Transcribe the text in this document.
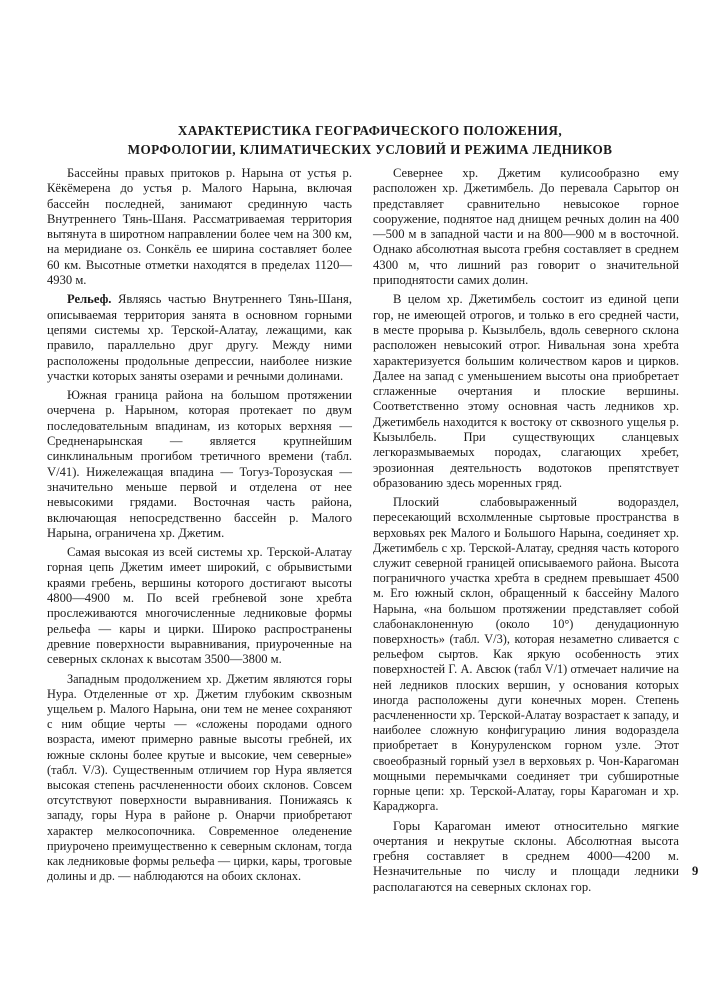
ХАРАКТЕРИСТИКА ГЕОГРАФИЧЕСКОГО ПОЛОЖЕНИЯ,
МОРФОЛОГИИ, КЛИМАТИЧЕСКИХ УСЛОВИЙ И РЕЖИМА ЛЕДНИКОВ

Бассейны правых притоков р. Нарына от устья р. Кёкёмерена до устья р. Малого Нарына, включая бассейн последней, занимают срединную часть Внутреннего Тянь-Шаня. Рассматриваемая территория вытянута в широтном направлении более чем на 300 км, на меридиане оз. Сонкёль ее ширина составляет более 60 км. Высотные отметки находятся в пределах 1120—4930 м.

Рельеф. Являясь частью Внутреннего Тянь-Шаня, описываемая территория занята в основном горными цепями системы хр. Терской-Алатау, лежащими, как правило, параллельно друг другу. Между ними расположены продольные депрессии, наиболее низкие участки которых заняты озерами и речными долинами.

Южная граница района на большом протяжении очерчена р. Нарыном, которая протекает по двум последовательным впадинам, из которых верхняя — Средненарынская — является крупнейшим синклинальным прогибом третичного времени (табл. V/41). Нижележащая впадина — Тогуз-Торозуская — значительно меньше первой и отделена от нее невысокими грядами. Восточная часть района, включающая непосредственно бассейн р. Малого Нарына, ограничена хр. Джетим.

Самая высокая из всей системы хр. Терской-Алатау горная цепь Джетим имеет широкий, с обрывистыми краями гребень, вершины которого достигают высоты 4800—4900 м. По всей гребневой зоне хребта прослеживаются многочисленные ледниковые формы рельефа — кары и цирки. Широко распространены древние поверхности выравнивания, приуроченные на северных склонах к высотам 3500—3800 м.

Западным продолжением хр. Джетим являются горы Нура. Отделенные от хр. Джетим глубоким сквозным ущельем р. Малого Нарына, они тем не менее сохраняют с ним общие черты — «сложены породами одного возраста, имеют примерно равные высоты гребней, их южные склоны более крутые и высокие, чем северные» (табл. V/3). Существенным отличием гор Нура является высокая степень расчлененности обоих склонов. Совсем отсутствуют поверхности выравнивания. Понижаясь к западу, горы Нура в районе р. Онарчи приобретают характер мелкосопочника. Современное оледенение приурочено преимущественно к северным склонам, тогда как ледниковые формы рельефа — цирки, кары, троговые долины и др. — наблюдаются на обоих склонах.

Севернее хр. Джетим кулисообразно ему расположен хр. Джетимбель. До перевала Сарытор он представляет сравнительно невысокое горное сооружение, поднятое над днищем речных долин на 400—500 м в западной части и на 800—900 м в восточной. Однако абсолютная высота гребня составляет в среднем 4300 м, что лишний раз говорит о значительной приподнятости самих долин.

В целом хр. Джетимбель состоит из единой цепи гор, не имеющей отрогов, и только в его средней части, в месте прорыва р. Кызылбель, вдоль северного склона расположен невысокий отрог. Нивальная зона хребта характеризуется большим количеством каров и цирков. Далее на запад с уменьшением высоты она приобретает сглаженные очертания и плоские вершины. Соответственно этому основная часть ледников хр. Джетимбель находится к востоку от сквозного ущелья р. Кызылбель. При существующих сланцевых легкоразмываемых породах, слагающих хребет, эрозионная деятельность водотоков препятствует образованию здесь моренных гряд.

Плоский слабовыраженный водораздел, пересекающий всхолмленные сыртовые пространства в верховьях рек Малого и Большого Нарына, соединяет хр. Джетимбель с хр. Терской-Алатау, средняя часть которого служит северной границей описываемого района. Высота пограничного участка хребта в среднем превышает 4500 м. Его южный склон, обращенный к бассейну Малого Нарына, «на большом протяжении представляет собой слабонаклоненную (около 10°) денудационную поверхность» (табл. V/3), которая незаметно сливается с рельефом сыртов. Как яркую особенность этих поверхностей Г. А. Авсюк (табл V/1) отмечает наличие на ней ледников плоских вершин, у основания которых иногда расположены дуги конечных морен. Степень расчлененности хр. Терской-Алатау возрастает к западу, и наиболее сложную конфигурацию линия водораздела приобретает в Конуруленском горном узле. Этот своеобразный горный узел в верховьях р. Чон-Карагоман мощными перемычками соединяет три субширотные горные цепи: хр. Терской-Алатау, горы Карагоман и хр. Караджорга.

Горы Карагоман имеют относительно мягкие очертания и некрутые склоны. Абсолютная высота гребня составляет в среднем 4000—4200 м. Незначительные по числу и площади ледники располагаются на северных склонах гор.

9
